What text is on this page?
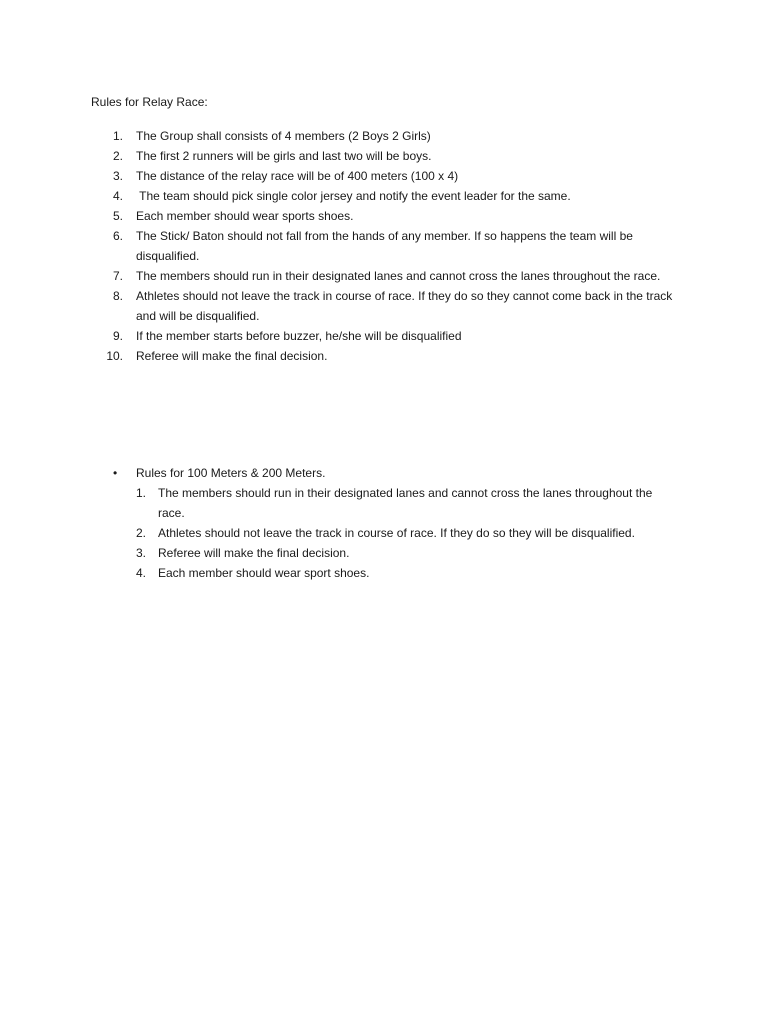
Rules for Relay Race:
1. The Group shall consists of 4 members (2 Boys 2 Girls)
2. The first 2 runners will be girls and last two will be boys.
3. The distance of the relay race will be of 400 meters (100 x 4)
4. The team should pick single color jersey and notify the event leader for the same.
5. Each member should wear sports shoes.
6. The Stick/ Baton should not fall from the hands of any member. If so happens the team will be disqualified.
7. The members should run in their designated lanes and cannot cross the lanes throughout the race.
8. Athletes should not leave the track in course of race. If they do so they cannot come back in the track and will be disqualified.
9. If the member starts before buzzer, he/she will be disqualified
10. Referee will make the final decision.
• Rules for 100 Meters & 200 Meters.
1. The members should run in their designated lanes and cannot cross the lanes throughout the race.
2. Athletes should not leave the track in course of race. If they do so they will be disqualified.
3. Referee will make the final decision.
4. Each member should wear sport shoes.
